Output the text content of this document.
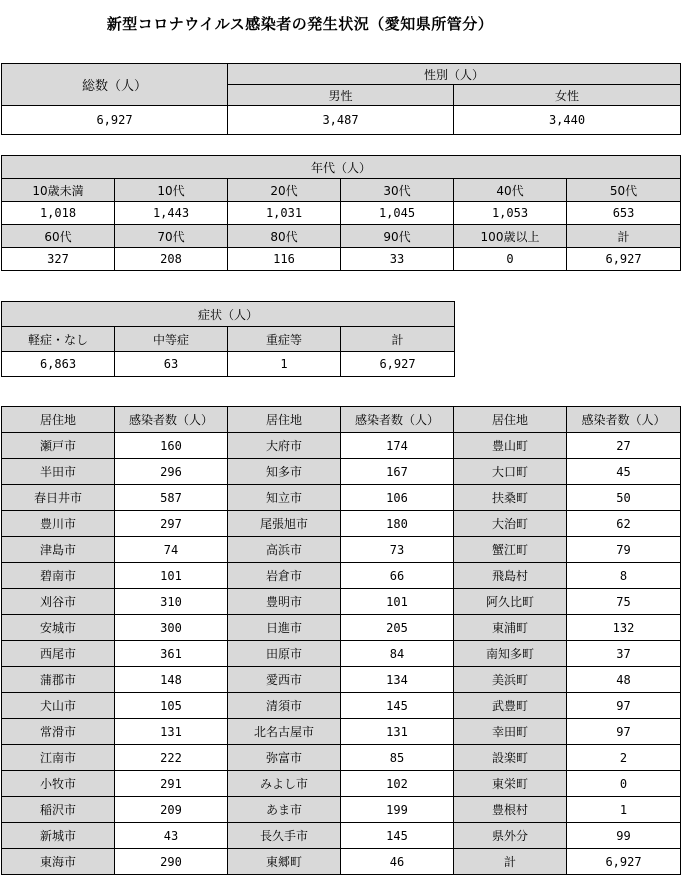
新型コロナウイルス感染者の発生状況（愛知県所管分）
総数（人）	性別（人）	
	男性	女性
6,927	3,487	3,440
年代（人）					
10歳未満	10代	20代	30代	40代	50代
1,018	1,443	1,031	1,045	1,053	653
60代	70代	80代	90代	100歳以上	計
327	208	116	33	0	6,927
症状（人）			
軽症・なし	中等症	重症等	計
6,863	63	1	6,927
居住地	感染者数（人）	居住地	感染者数（人）	居住地	感染者数（人）
瀬戸市	160	大府市	174	豊山町	27
半田市	296	知多市	167	大口町	45
春日井市	587	知立市	106	扶桑町	50
豊川市	297	尾張旭市	180	大治町	62
津島市	74	高浜市	73	蟹江町	79
碧南市	101	岩倉市	66	飛島村	8
刈谷市	310	豊明市	101	阿久比町	75
安城市	300	日進市	205	東浦町	132
西尾市	361	田原市	84	南知多町	37
蒲郡市	148	愛西市	134	美浜町	48
犬山市	105	清須市	145	武豊町	97
常滑市	131	北名古屋市	131	幸田町	97
江南市	222	弥富市	85	設楽町	2
小牧市	291	みよし市	102	東栄町	0
稲沢市	209	あま市	199	豊根村	1
新城市	43	長久手市	145	県外分	99
東海市	290	東郷町	46	計	6,927
